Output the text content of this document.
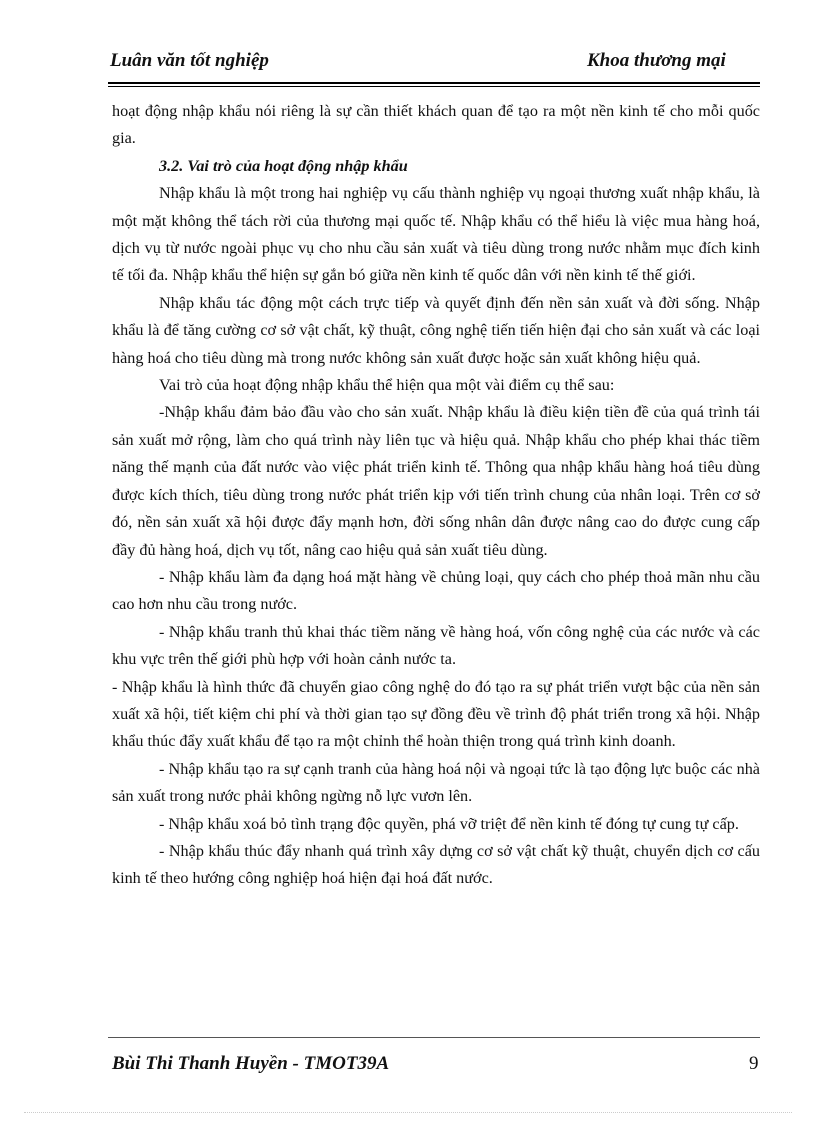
Luân văn tốt nghiệp	Khoa thương mại

hoạt động nhập khẩu nói riêng là sự cần thiết khách quan để tạo ra một nền kinh tế cho mỗi quốc gia.

3.2. Vai trò của hoạt động nhập khẩu

Nhập khẩu là một trong hai nghiệp vụ cấu thành nghiệp vụ ngoại thương xuất nhập khẩu, là một mặt không thể tách rời của thương mại quốc tế. Nhập khẩu có thể hiểu là việc mua hàng hoá, dịch vụ từ nước ngoài phục vụ cho nhu cầu sản xuất và tiêu dùng trong nước nhằm mục đích kinh tế tối đa. Nhập khẩu thể hiện sự gắn bó giữa nền kinh tế quốc dân với nền kinh tế thế giới.

Nhập khẩu tác động một cách trực tiếp và quyết định đến nền sản xuất và đời sống. Nhập khẩu là để tăng cường cơ sở vật chất, kỹ thuật, công nghệ tiến tiến hiện đại cho sản xuất và các loại hàng hoá cho tiêu dùng mà trong nước không sản xuất được hoặc sản xuất không hiệu quả.

Vai trò của hoạt động nhập khẩu thể hiện qua một vài điểm cụ thể sau:

-Nhập khẩu đảm bảo đầu vào cho sản xuất. Nhập khẩu là điều kiện tiền đề của quá trình tái sản xuất mở rộng, làm cho quá trình này liên tục và hiệu quả. Nhập khẩu cho phép khai thác tiềm năng thế mạnh của đất nước vào việc phát triển kinh tế. Thông qua nhập khẩu hàng hoá tiêu dùng được kích thích, tiêu dùng trong nước phát triển kịp với tiến trình chung của nhân loại. Trên cơ sở đó, nền sản xuất xã hội được đẩy mạnh hơn, đời sống nhân dân được nâng cao do được cung cấp đầy đủ hàng hoá, dịch vụ tốt, nâng cao hiệu quả sản xuất tiêu dùng.

- Nhập khẩu làm đa dạng hoá mặt hàng về chủng loại, quy cách cho phép thoả mãn nhu cầu cao hơn nhu cầu trong nước.

- Nhập khẩu tranh thủ khai thác tiềm năng về hàng hoá, vốn công nghệ của các nước và các khu vực trên thế giới phù hợp với hoàn cảnh nước ta.

- Nhập khẩu là hình thức đã chuyển giao công nghệ do đó tạo ra sự phát triển vượt bậc của nền sản xuất xã hội, tiết kiệm chi phí và thời gian tạo sự đồng đều về trình độ phát triển trong xã hội. Nhập khẩu thúc đẩy xuất khẩu để tạo ra một chỉnh thể hoàn thiện trong quá trình kinh doanh.

- Nhập khẩu tạo ra sự cạnh tranh của hàng hoá nội và ngoại tức là tạo động lực buộc các nhà sản xuất trong nước phải không ngừng nỗ lực vươn lên.

- Nhập khẩu xoá bỏ tình trạng độc quyền, phá vỡ triệt để nền kinh tế đóng tự cung tự cấp.

- Nhập khẩu thúc đẩy nhanh quá trình xây dựng cơ sở vật chất kỹ thuật, chuyển dịch cơ cấu kinh tế theo hướng công nghiệp hoá hiện đại hoá đất nước.

Bùi Thi Thanh Huyền - TMOT39A	9
